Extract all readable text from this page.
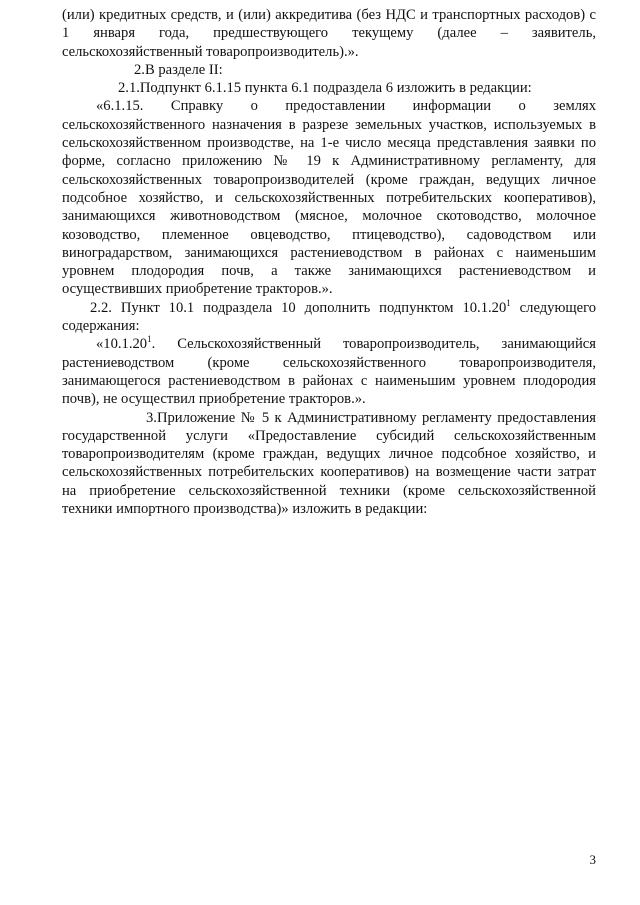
(или) кредитных средств, и (или) аккредитива (без НДС и транспортных расходов) с 1 января года, предшествующего текущему (далее – заявитель, сельскохозяйственный товаропроизводитель).».

2.В разделе II:

2.1.Подпункт 6.1.15 пункта 6.1 подраздела 6 изложить в редакции:

«6.1.15. Справку о предоставлении информации о землях сельскохозяйственного назначения в разрезе земельных участков, используемых в сельскохозяйственном производстве, на 1-е число месяца представления заявки по форме, согласно приложению № 19 к Административному регламенту, для сельскохозяйственных товаропроизводителей (кроме граждан, ведущих личное подсобное хозяйство, и сельскохозяйственных потребительских кооперативов), занимающихся животноводством (мясное, молочное скотоводство, молочное козоводство, племенное овцеводство, птицеводство), садоводством или виноградарством, занимающихся растениеводством в районах с наименьшим уровнем плодородия почв, а также занимающихся растениеводством и осуществивших приобретение тракторов.».

2.2. Пункт 10.1 подраздела 10 дополнить подпунктом 10.1.20$^1$ следующего содержания:

«10.1.20$^1$. Сельскохозяйственный товаропроизводитель, занимающийся растениеводством (кроме сельскохозяйственного товаропроизводителя, занимающегося растениеводством в районах с наименьшим уровнем плодородия почв), не осуществил приобретение тракторов.».

3.Приложение № 5 к Административному регламенту предоставления государственной услуги «Предоставление субсидий сельскохозяйственным товаропроизводителям (кроме граждан, ведущих личное подсобное хозяйство, и сельскохозяйственных потребительских кооперативов) на возмещение части затрат на приобретение сельскохозяйственной техники (кроме сельскохозяйственной техники импортного производства)» изложить в редакции:

3
